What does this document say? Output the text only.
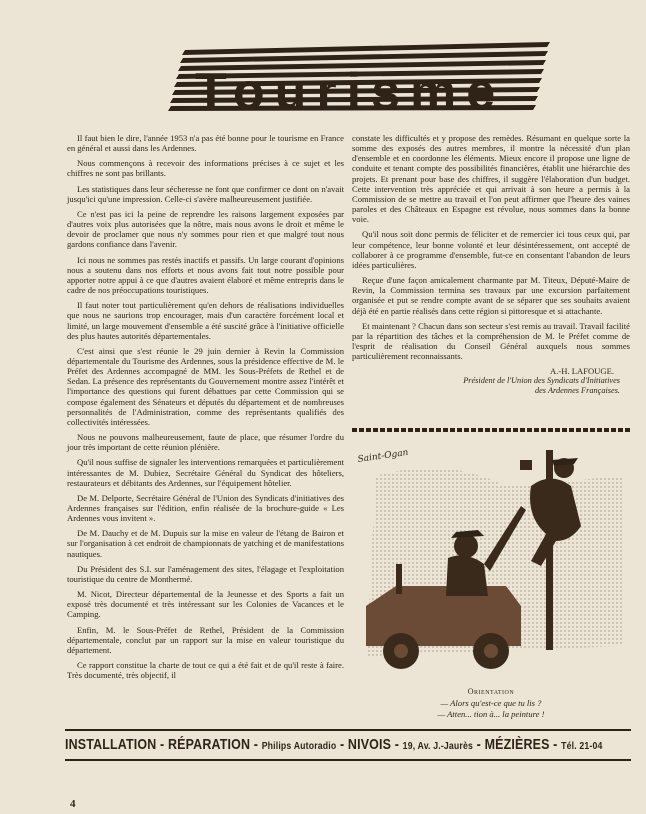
Tourisme

Il faut bien le dire, l'année 1953 n'a pas été bonne pour le tourisme en France en général et aussi dans les Ardennes.

Nous commençons à recevoir des informations précises à ce sujet et les chiffres ne sont pas brillants.

Les statistiques dans leur sécheresse ne font que confirmer ce dont on n'avait jusqu'ici qu'une impression. Celle-ci s'avère malheureusement justifiée.

Ce n'est pas ici la peine de reprendre les raisons largement exposées par d'autres voix plus autorisées que la nôtre, mais nous avons le droit et même le devoir de proclamer que nous n'y sommes pour rien et que malgré tout nous gardons confiance dans l'avenir.

Ici nous ne sommes pas restés inactifs et passifs. Un large courant d'opinions nous a soutenu dans nos efforts et nous avons fait tout notre possible pour apporter notre appui à ce que d'autres avaient élaboré et même entrepris dans le cadre de nos préoccupations touristiques.

Il faut noter tout particulièrement qu'en dehors de réalisations individuelles que nous ne saurions trop encourager, mais d'un caractère forcément local et limité, un large mouvement d'ensemble a été suscité grâce à l'initiative officielle des plus hautes autorités départementales.

C'est ainsi que s'est réunie le 29 juin dernier à Revin la Commission départementale du Tourisme des Ardennes, sous la présidence effective de M. le Préfet des Ardennes accompagné de MM. les Sous-Préfets de Rethel et de Sedan. La présence des représentants du Gouvernement montre assez l'intérêt et l'importance des questions qui furent débattues par cette Commission qui se compose également des Sénateurs et députés du département et de nombreuses personnalités de l'Administration, comme des représentants qualifiés des collectivités intéressées.

Nous ne pouvons malheureusement, faute de place, que résumer l'ordre du jour très important de cette réunion plénière.

Qu'il nous suffise de signaler les interventions remarquées et particulièrement intéressantes de M. Dubiez, Secrétaire Général du Syndicat des hôteliers, restaurateurs et débitants des Ardennes, sur l'équipement hôtelier.

De M. Delporte, Secrétaire Général de l'Union des Syndicats d'initiatives des Ardennes françaises sur l'édition, enfin réalisée de la brochure-guide « Les Ardennes vous invitent ».

De M. Dauchy et de M. Dupuis sur la mise en valeur de l'étang de Bairon et sur l'organisation à cet endroit de championnats de yatching et de manifestations nautiques.

Du Président des S.I. sur l'aménagement des sites, l'élagage et l'exploitation touristique du centre de Monthermé.

M. Nicot, Directeur départemental de la Jeunesse et des Sports a fait un exposé très documenté et très intéressant sur les Colonies de Vacances et le Camping.

Enfin, M. le Sous-Préfet de Rethel, Président de la Commission départementale, conclut par un rapport sur la mise en valeur touristique du département.

Ce rapport constitue la charte de tout ce qui a été fait et de qu'il reste à faire. Très documenté, très objectif, il

constate les difficultés et y propose des remèdes. Résumant en quelque sorte la somme des exposés des autres membres, il montre la nécessité d'un plan d'ensemble et en coordonne les éléments. Mieux encore il propose une ligne de conduite et tenant compte des possibilités financières, établit une hiérarchie des projets. Et prenant pour base des chiffres, il suggère l'élaboration d'un budget. Cette intervention très appréciée et qui arrivait à son heure a permis à la Commission de se mettre au travail et l'on peut affirmer que l'heure des vaines paroles et des Châteaux en Espagne est révolue, nous sommes dans la bonne voie.

Qu'il nous soit donc permis de féliciter et de remercier ici tous ceux qui, par leur compétence, leur bonne volonté et leur désintéressement, ont accepté de collaborer à ce programme d'ensemble, fut-ce en consentant l'abandon de leurs idées particulières.

Reçue d'une façon amicalement charmante par M. Titeux, Député-Maire de Revin, la Commission termina ses travaux par une excursion parfaitement organisée et put se rendre compte avant de se séparer que ses souhaits avaient déjà été en partie réalisés dans cette région si pittoresque et si attachante.

Et maintenant ? Chacun dans son secteur s'est remis au travail. Travail facilité par la répartition des tâches et la compréhension de M. le Préfet comme de l'esprit de réalisation du Conseil Général auxquels nous sommes particulièrement reconnaissants.

A.-H. LAFOUGE.
Président de l'Union des Syndicats d'Initiatives
des Ardennes Françaises.
Saint-Ogan
Orientation
— Alors qu'est-ce que tu lis ?
— Atten... tion à... la peinture !
INSTALLATION - RÉPARATION - Philips Autoradio - NIVOIS - 19, Av. J.-Jaurès - MÉZIÈRES - Tél. 21-04
4
